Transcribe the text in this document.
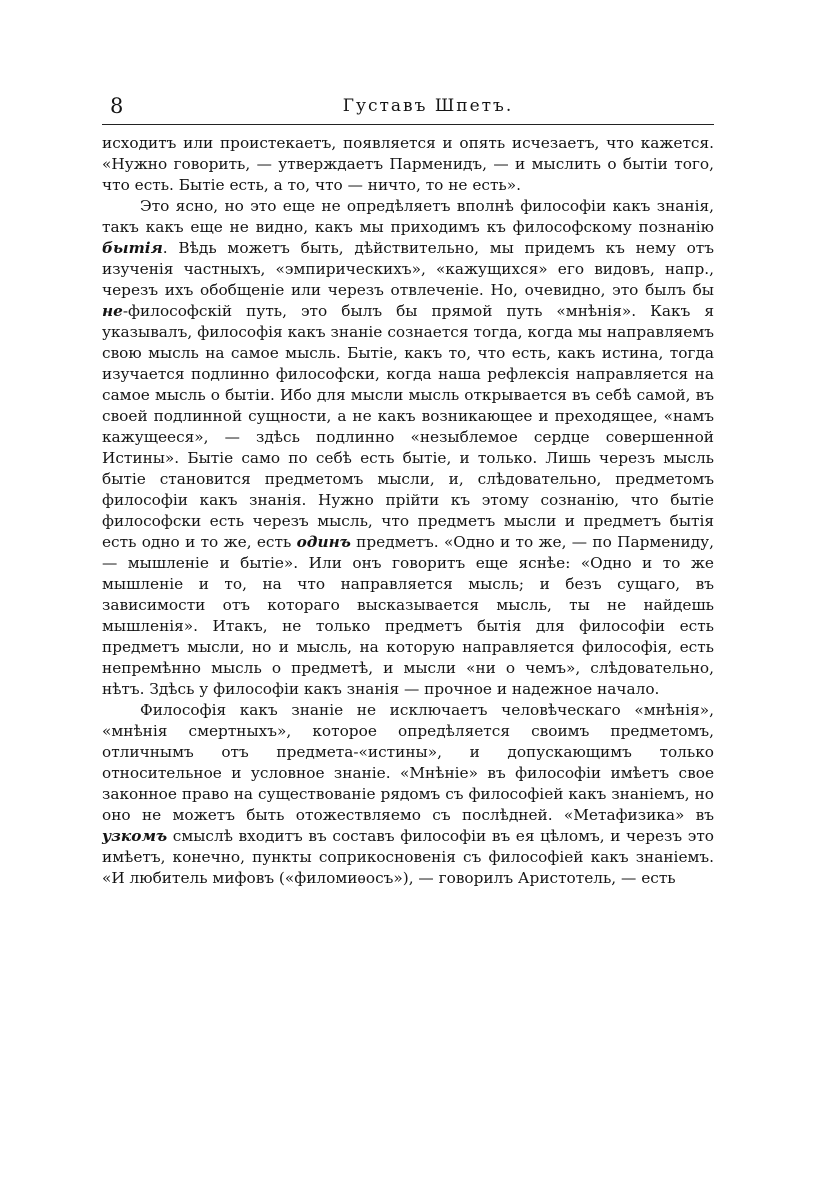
8	Густавъ Шпетъ.

исходитъ или проистекаетъ, появляется и опять исчезаетъ, что кажется. «Нужно говорить, — утверждаетъ Парменидъ, — и мыслить о бытіи того, что есть. Бытіе есть, а то, что — ничто, то не есть».

Это ясно, но это еще не опредѣляетъ вполнѣ философіи какъ знанія, такъ какъ еще не видно, какъ мы приходимъ къ философскому познанію бытія. Вѣдь можетъ быть, дѣйствительно, мы придемъ къ нему отъ изученія частныхъ, «эмпирическихъ», «кажущихся» его видовъ, напр., черезъ ихъ обобщеніе или черезъ отвлеченіе. Но, очевидно, это былъ бы не-философскій путь, это былъ бы прямой путь «мнѣнія». Какъ я указывалъ, философія какъ знаніе сознается тогда, когда мы направляемъ свою мысль на самое мысль. Бытіе, какъ то, что есть, какъ истина, тогда изучается подлинно философски, когда наша рефлексія направляется на самое мысль о бытіи. Ибо для мысли мысль открывается въ себѣ самой, въ своей подлинной сущности, а не какъ возникающее и преходящее, «намъ кажущееся», — здѣсь подлинно «незыблемое сердце совершенной Истины». Бытіе само по себѣ есть бытіе, и только. Лишь черезъ мысль бытіе становится предметомъ мысли, и, слѣдовательно, предметомъ философіи какъ знанія. Нужно прійти къ этому сознанію, что бытіе философски есть черезъ мысль, что предметъ мысли и предметъ бытія есть одно и то же, есть одинъ предметъ. «Одно и то же, — по Пармениду, — мышленіе и бытіе». Или онъ говоритъ еще яснѣе: «Одно и то же мышленіе и то, на что направляется мысль; и безъ сущаго, въ зависимости отъ котораго высказывается мысль, ты не найдешь мышленія». Итакъ, не только предметъ бытія для философіи есть предметъ мысли, но и мысль, на которую направляется философія, есть непремѣнно мысль о предметѣ, и мысли «ни о чемъ», слѣдовательно, нѣтъ. Здѣсь у философіи какъ знанія — прочное и надежное начало.

Философія какъ знаніе не исключаетъ человѣческаго «мнѣнія», «мнѣнія смертныхъ», которое опредѣляется своимъ предметомъ, отличнымъ отъ предмета-«истины», и допускающимъ только относительное и условное знаніе. «Мнѣніе» въ философіи имѣетъ свое законное право на существованіе рядомъ съ философіей какъ знаніемъ, но оно не можетъ быть отожествляемо съ послѣдней. «Метафизика» въ узкомъ смыслѣ входитъ въ составъ философіи въ ея цѣломъ, и черезъ это имѣетъ, конечно, пункты соприкосновенія съ философіей какъ знаніемъ. «И любитель мифовъ («филомиѳосъ»), — говорилъ Аристотель, — есть
